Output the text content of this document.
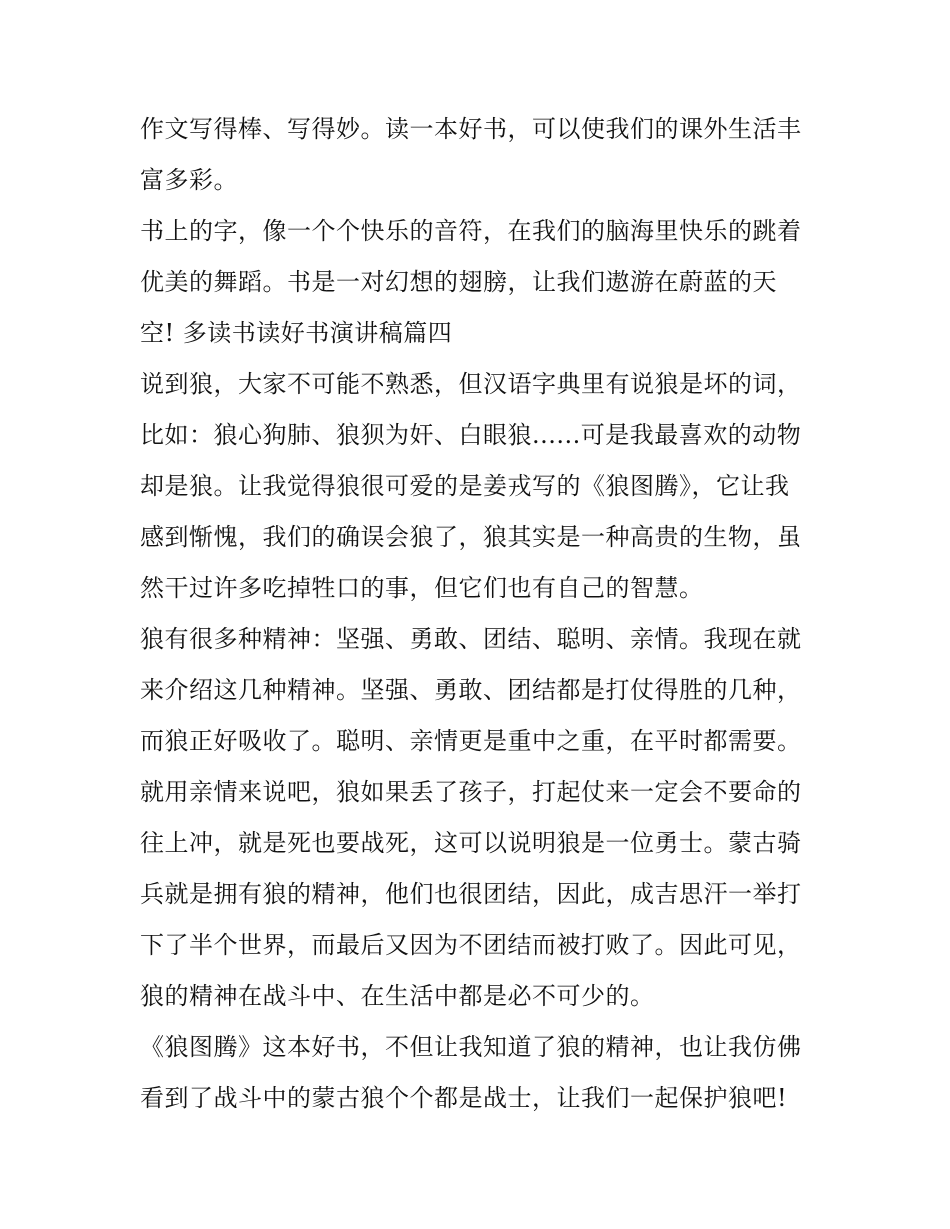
作文写得棒、写得妙。读一本好书，可以使我们的课外生活丰
富多彩。
书上的字，像一个个快乐的音符，在我们的脑海里快乐的跳着
优美的舞蹈。书是一对幻想的翅膀，让我们遨游在蔚蓝的天
空! 多读书读好书演讲稿篇四
说到狼，大家不可能不熟悉，但汉语字典里有说狼是坏的词，
比如：狼心狗肺、狼狈为奸、白眼狼......可是我最喜欢的动物
却是狼。让我觉得狼很可爱的是姜戎写的《狼图腾》，它让我
感到惭愧，我们的确误会狼了，狼其实是一种高贵的生物，虽
然干过许多吃掉牲口的事，但它们也有自己的智慧。
狼有很多种精神：坚强、勇敢、团结、聪明、亲情。我现在就
来介绍这几种精神。坚强、勇敢、团结都是打仗得胜的几种，
而狼正好吸收了。聪明、亲情更是重中之重，在平时都需要。
就用亲情来说吧，狼如果丢了孩子，打起仗来一定会不要命的
往上冲，就是死也要战死，这可以说明狼是一位勇士。蒙古骑
兵就是拥有狼的精神，他们也很团结，因此，成吉思汗一举打
下了半个世界，而最后又因为不团结而被打败了。因此可见，
狼的精神在战斗中、在生活中都是必不可少的。
《狼图腾》这本好书，不但让我知道了狼的精神，也让我仿佛
看到了战斗中的蒙古狼个个都是战士，让我们一起保护狼吧!
